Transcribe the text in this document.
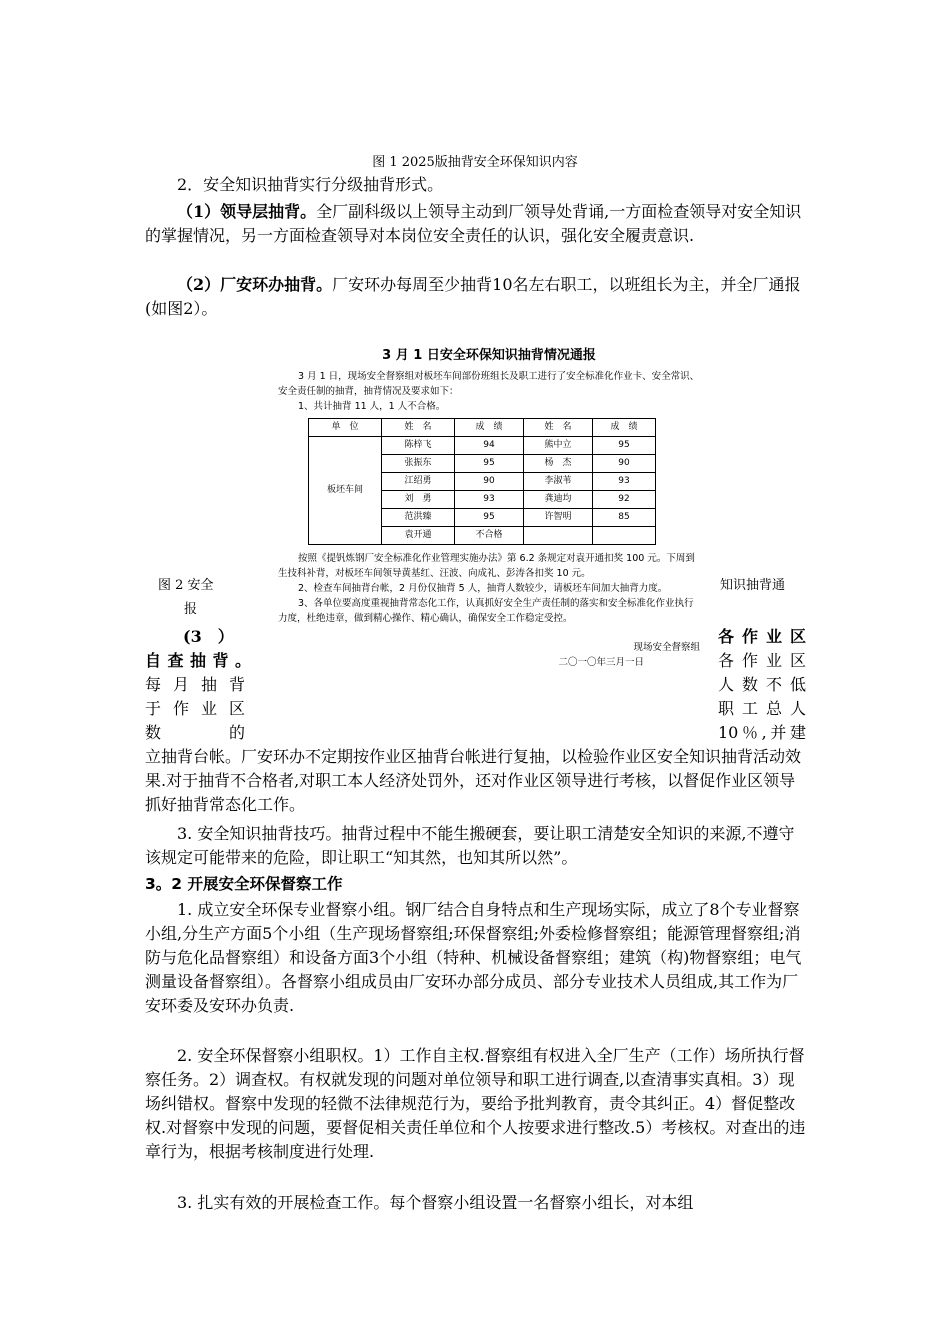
图 1 2025版抽背安全环保知识内容
2．安全知识抽背实行分级抽背形式。
（1）领导层抽背。全厂副科级以上领导主动到厂领导处背诵,一方面检查领导对安全知识的掌握情况，另一方面检查领导对本岗位安全责任的认识，强化安全履责意识.
（2）厂安环办抽背。厂安环办每周至少抽背10名左右职工，以班组长为主，并全厂通报(如图2）。
3 月 1 日安全环保知识抽背情况通报

3 月 1 日，现场安全督察组对板坯车间部份班组长及职工进行了安全标准化作业卡、安全常识、安全责任制的抽背，抽背情况及要求如下：

1、共计抽背 11 人，1 人不合格。

单　位	姓　名	成　绩	姓　名	成　绩
板坯车间	陈梓飞	94	熊中立	95
	张振东	95	杨　杰	90
	江绍勇	90	李淑苇	93
	刘　勇	93	龚迪均	92
	范洪臻	95	许智明	85
	袁开通	不合格		

按照《提钒炼钢厂安全标准化作业管理实施办法》第 6.2 条规定对袁开通扣奖 100 元。下周到生技科补背，对板坯车间领导黄基红、汪波、向成礼、彭涛各扣奖 10 元。

2、检查车间抽背台帐，2 月份仅抽背 5 人，抽背人数较少，请板坯车间加大抽背力度。

3、各单位要高度重视抽背常态化工作，认真抓好安全生产责任制的落实和安全标准化作业执行力度，杜绝违章，做到精心操作、精心确认，确保安全工作稳定受控。

现场安全督察组

二〇一〇年三月一日

图 2 安全
报
知识抽背通
(3　）
自查抽背。
每月抽背
于作业区
数　　的
各作业区
各作业区
人数不低
职工总人
10％,并建
立抽背台帐。厂安环办不定期按作业区抽背台帐进行复抽，以检验作业区安全知识抽背活动效果.对于抽背不合格者,对职工本人经济处罚外，还对作业区领导进行考核，以督促作业区领导抓好抽背常态化工作。
3. 安全知识抽背技巧。抽背过程中不能生搬硬套，要让职工清楚安全知识的来源,不遵守该规定可能带来的危险，即让职工“知其然，也知其所以然”。
3。2 开展安全环保督察工作
1. 成立安全环保专业督察小组。钢厂结合自身特点和生产现场实际，成立了8个专业督察小组,分生产方面5个小组（生产现场督察组;环保督察组;外委检修督察组；能源管理督察组;消防与危化品督察组）和设备方面3个小组（特种、机械设备督察组；建筑（构)物督察组；电气测量设备督察组）。各督察小组成员由厂安环办部分成员、部分专业技术人员组成,其工作为厂安环委及安环办负责.
2. 安全环保督察小组职权。1）工作自主权.督察组有权进入全厂生产（工作）场所执行督察任务。2）调查权。有权就发现的问题对单位领导和职工进行调查,以查清事实真相。3）现场纠错权。督察中发现的轻微不法律规范行为，要给予批判教育，责令其纠正。4）督促整改权.对督察中发现的问题，要督促相关责任单位和个人按要求进行整改.5）考核权。对查出的违章行为，根据考核制度进行处理.
3. 扎实有效的开展检查工作。每个督察小组设置一名督察小组长，对本组
